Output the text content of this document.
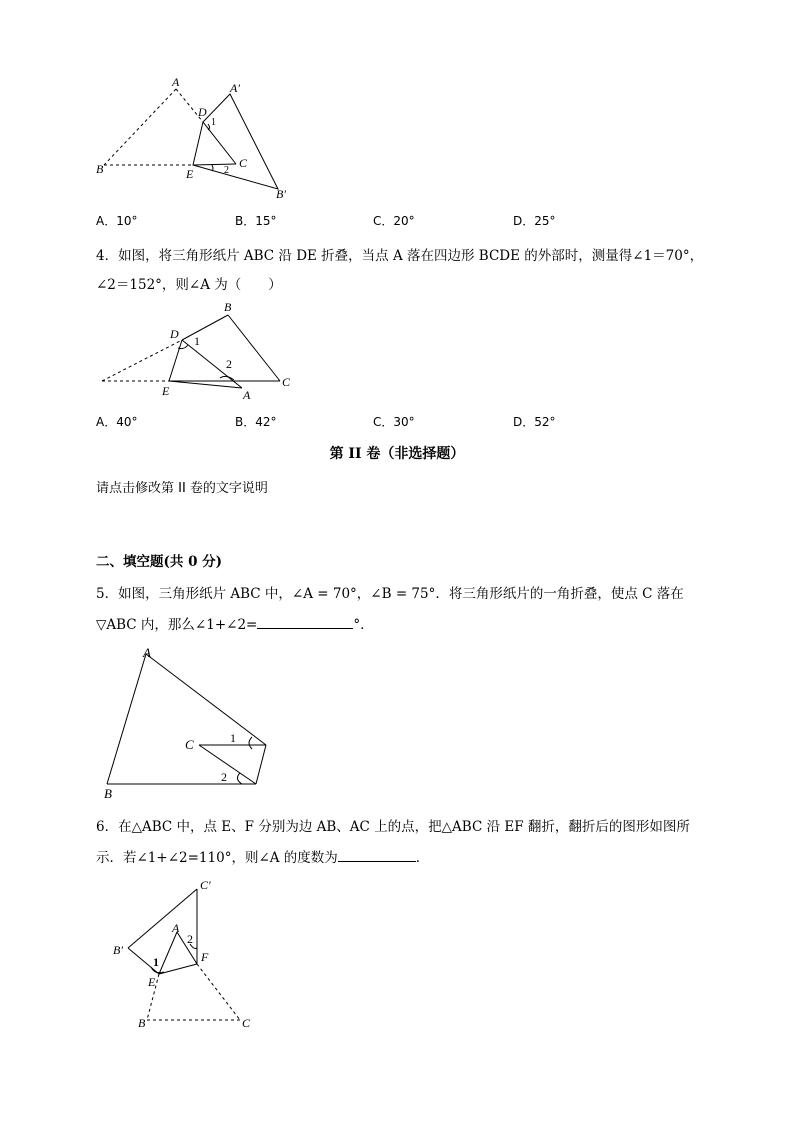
A	A′
D
1
C
B	E	2
B′
A．10°	B．15°	C．20°	D．25°
4．如图，将三角形纸片 ABC 沿 DE 折叠，当点 A 落在四边形 BCDE 的外部时，测量得∠1＝70°，
∠2＝152°，则∠A 为（　　）
B
D 1
2
E
C
A
A．40°	B．42°	C．30°	D．52°
第 II 卷（非选择题）
请点击修改第 II 卷的文字说明
二、填空题(共 0 分)
5．如图，三角形纸片 ABC 中，∠A = 70°，∠B = 75°．将三角形纸片的一角折叠，使点 C 落在
▽ABC 内，那么∠1+∠2=	°．
A
C	1
2
B
6．在△ABC 中，点 E、F 分别为边 AB、AC 上的点，把△ABC 沿 EF 翻折，翻折后的图形如图所
示．若∠1+∠2=110°，则∠A 的度数为	．
C′
A
B′
2
F
1
E
B	C
